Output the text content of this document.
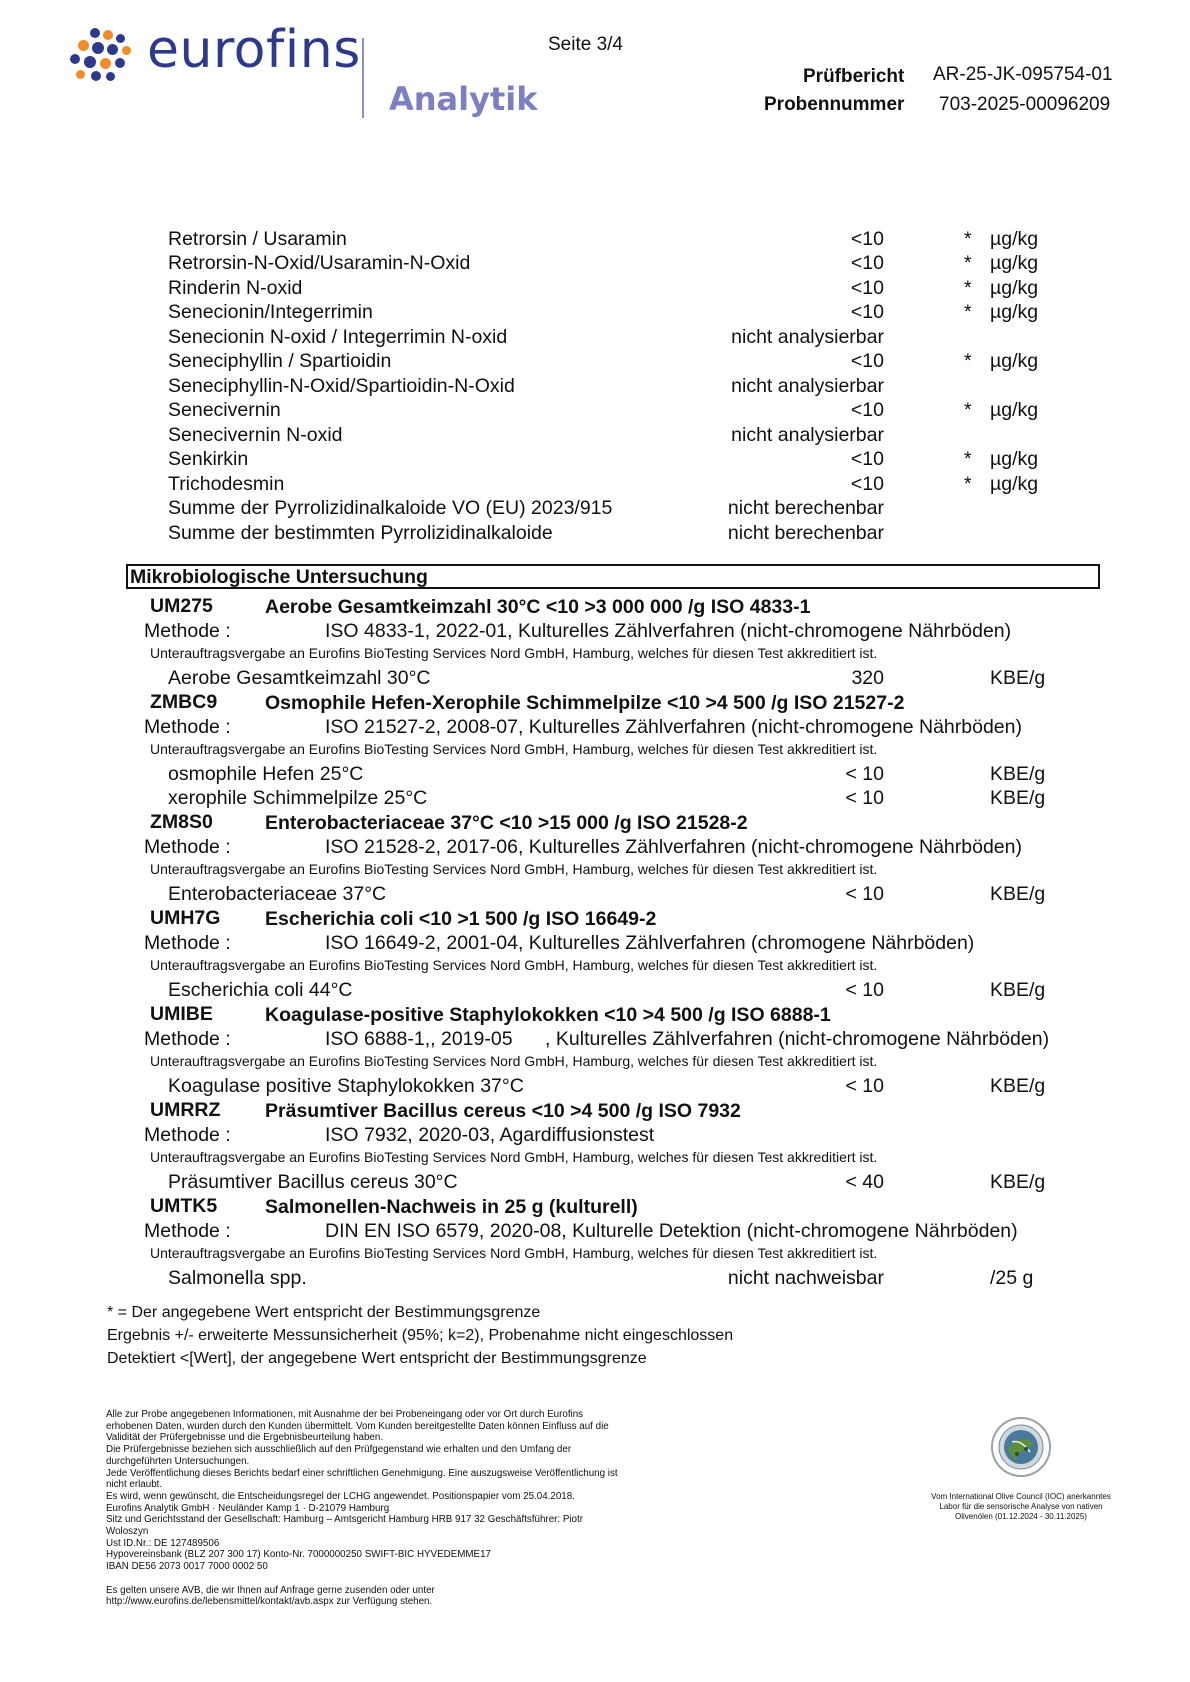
eurofins
Analytik
Seite 3/4
Prüfbericht AR-25-JK-095754-01
Probennummer 703-2025-00096209
Retrorsin / Usaramin	<10	* µg/kg
Retrorsin-N-Oxid/Usaramin-N-Oxid	<10	* µg/kg
Rinderin N-oxid	<10	* µg/kg
Senecionin/Integerrimin	<10	* µg/kg
Senecionin N-oxid / Integerrimin N-oxid	nicht analysierbar
Seneciphyllin / Spartioidin	<10	* µg/kg
Seneciphyllin-N-Oxid/Spartioidin-N-Oxid	nicht analysierbar
Senecivernin	<10	* µg/kg
Senecivernin N-oxid	nicht analysierbar
Senkirkin	<10	* µg/kg
Trichodesmin	<10	* µg/kg
Summe der Pyrrolizidinalkaloide VO (EU) 2023/915	nicht berechenbar
Summe der bestimmten Pyrrolizidinalkaloide	nicht berechenbar
Mikrobiologische Untersuchung
UM275	Aerobe Gesamtkeimzahl 30°C <10 >3 000 000 /g ISO 4833-1
Methode :	ISO 4833-1, 2022-01, Kulturelles Zählverfahren (nicht-chromogene Nährböden)
Unterauftragsvergabe an Eurofins BioTesting Services Nord GmbH, Hamburg, welches für diesen Test akkreditiert ist.
Aerobe Gesamtkeimzahl 30°C	320	KBE/g
ZMBC9 Osmophile Hefen-Xerophile Schimmelpilze <10 >4 500 /g ISO 21527-2
Methode :	ISO 21527-2, 2008-07, Kulturelles Zählverfahren (nicht-chromogene Nährböden)
Unterauftragsvergabe an Eurofins BioTesting Services Nord GmbH, Hamburg, welches für diesen Test akkreditiert ist.
osmophile Hefen 25°C	< 10	KBE/g
xerophile Schimmelpilze 25°C	< 10	KBE/g
ZM8S0	Enterobacteriaceae 37°C <10 >15 000 /g ISO 21528-2
Methode :	ISO 21528-2, 2017-06, Kulturelles Zählverfahren (nicht-chromogene Nährböden)
Unterauftragsvergabe an Eurofins BioTesting Services Nord GmbH, Hamburg, welches für diesen Test akkreditiert ist.
Enterobacteriaceae 37°C	< 10	KBE/g
UMH7G Escherichia coli <10 >1 500 /g ISO 16649-2
Methode :	ISO 16649-2, 2001-04, Kulturelles Zählverfahren (chromogene Nährböden)
Unterauftragsvergabe an Eurofins BioTesting Services Nord GmbH, Hamburg, welches für diesen Test akkreditiert ist.
Escherichia coli 44°C	< 10	KBE/g
UMIBE	Koagulase-positive Staphylokokken <10 >4 500 /g ISO 6888-1
Methode :	ISO 6888-1,, 2019-05      , Kulturelles Zählverfahren (nicht-chromogene Nährböden)
Unterauftragsvergabe an Eurofins BioTesting Services Nord GmbH, Hamburg, welches für diesen Test akkreditiert ist.
Koagulase positive Staphylokokken 37°C	< 10	KBE/g
UMRRZ Präsumtiver Bacillus cereus <10 >4 500 /g ISO 7932
Methode :	ISO 7932, 2020-03, Agardiffusionstest
Unterauftragsvergabe an Eurofins BioTesting Services Nord GmbH, Hamburg, welches für diesen Test akkreditiert ist.
Präsumtiver Bacillus cereus 30°C	< 40	KBE/g
UMTK5 Salmonellen-Nachweis in 25 g (kulturell)
Methode :	DIN EN ISO 6579, 2020-08, Kulturelle Detektion (nicht-chromogene Nährböden)
Unterauftragsvergabe an Eurofins BioTesting Services Nord GmbH, Hamburg, welches für diesen Test akkreditiert ist.
Salmonella spp.	nicht nachweisbar	/25 g
* = Der angegebene Wert entspricht der Bestimmungsgrenze
Ergebnis +/- erweiterte Messunsicherheit (95%; k=2), Probenahme nicht eingeschlossen
Detektiert <[Wert], der angegebene Wert entspricht der Bestimmungsgrenze
Alle zur Probe angegebenen Informationen, mit Ausnahme der bei Probeneingang oder vor Ort durch Eurofins
erhobenen Daten, wurden durch den Kunden übermittelt. Vom Kunden bereitgestellte Daten können Einfluss auf die
Validität der Prüfergebnisse und die Ergebnisbeurteilung haben.
Die Prüfergebnisse beziehen sich ausschließlich auf den Prüfgegenstand wie erhalten und den Umfang der
durchgeführten Untersuchungen.
Jede Veröffentlichung dieses Berichts bedarf einer schriftlichen Genehmigung. Eine auszugsweise Veröffentlichung ist
nicht erlaubt.
Es wird, wenn gewünscht, die Entscheidungsregel der LCHG angewendet. Positionspapier vom 25.04.2018.
Eurofins Analytik GmbH · Neuländer Kamp 1 · D-21079 Hamburg
Sitz und Gerichtsstand der Gesellschaft: Hamburg – Amtsgericht Hamburg HRB 917 32 Geschäftsführer: Piotr
Woloszyn
Ust ID.Nr.: DE 127489506
Hypovereinsbank (BLZ 207 300 17) Konto-Nr. 7000000250 SWIFT-BIC HYVEDEMME17
IBAN DE56 2073 0017 7000 0002 50

Es gelten unsere AVB, die wir Ihnen auf Anfrage gerne zusenden oder unter
http://www.eurofins.de/lebensmittel/kontakt/avb.aspx zur Verfügung stehen.
Vom International Olive Council (IOC) anerkanntes Labor für die sensorische Analyse von nativen Olivenölen (01.12.2024 - 30.11.2025)
